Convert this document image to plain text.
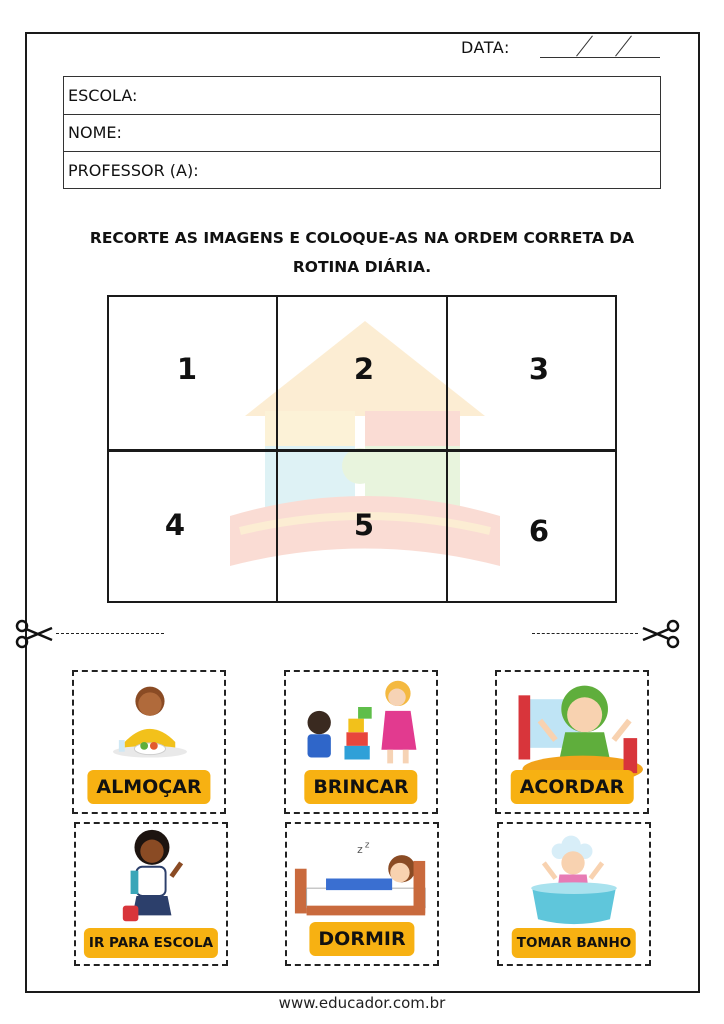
DATA:
ESCOLA:
NOME:
PROFESSOR (A):
RECORTE AS IMAGENS E COLOQUE-AS NA ORDEM CORRETA DA
ROTINA DIÁRIA.
1	2	3
4	5	6
ALMOÇAR	BRINCAR	ACORDAR
IR PARA ESCOLA
z z
DORMIR	TOMAR BANHO
www.educador.com.br
